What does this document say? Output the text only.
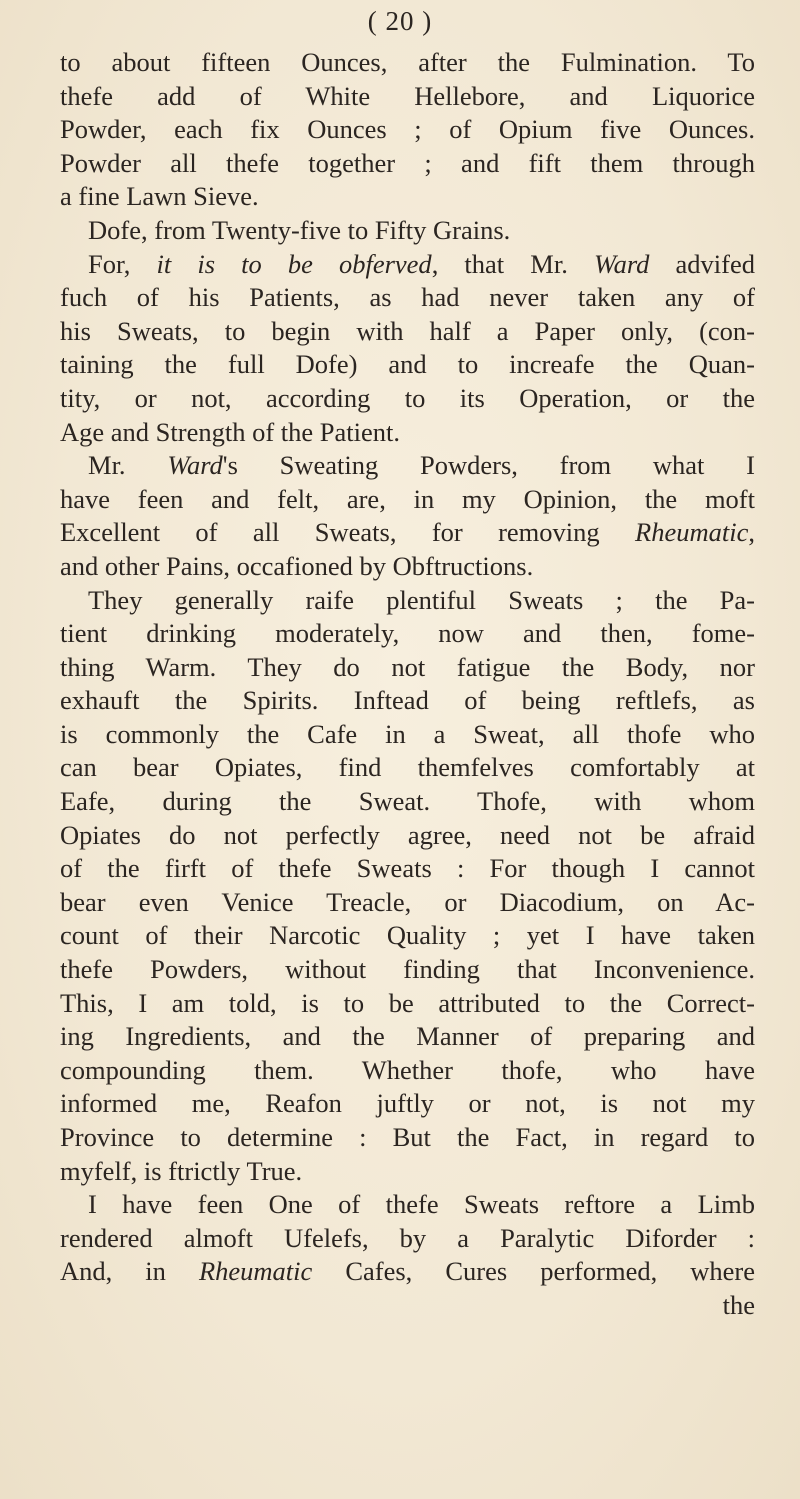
( 20 )
to about fifteen Ounces, after the Fulmination. To
thefe add of White Hellebore, and Liquorice
Powder, each fix Ounces ; of Opium five Ounces.
Powder all thefe together ; and fift them through
a fine Lawn Sieve.
Dofe, from Twenty-five to Fifty Grains.
For, it is to be obferved, that Mr. Ward advifed
fuch of his Patients, as had never taken any of
his Sweats, to begin with half a Paper only, (con-
taining the full Dofe) and to increafe the Quan-
tity, or not, according to its Operation, or the
Age and Strength of the Patient.
Mr. Ward's Sweating Powders, from what I
have feen and felt, are, in my Opinion, the moft
Excellent of all Sweats, for removing Rheumatic,
and other Pains, occafioned by Obftructions.
They generally raife plentiful Sweats ; the Pa-
tient drinking moderately, now and then, fome-
thing Warm. They do not fatigue the Body, nor
exhauft the Spirits. Inftead of being reftlefs, as
is commonly the Cafe in a Sweat, all thofe who
can bear Opiates, find themfelves comfortably at
Eafe, during the Sweat. Thofe, with whom
Opiates do not perfectly agree, need not be afraid
of the firft of thefe Sweats : For though I cannot
bear even Venice Treacle, or Diacodium, on Ac-
count of their Narcotic Quality ; yet I have taken
thefe Powders, without finding that Inconvenience.
This, I am told, is to be attributed to the Correct-
ing Ingredients, and the Manner of preparing and
compounding them. Whether thofe, who have
informed me, Reafon juftly or not, is not my
Province to determine : But the Fact, in regard to
myfelf, is ftrictly True.
I have feen One of thefe Sweats reftore a Limb
rendered almoft Ufelefs, by a Paralytic Diforder :
And, in Rheumatic Cafes, Cures performed, where
the
